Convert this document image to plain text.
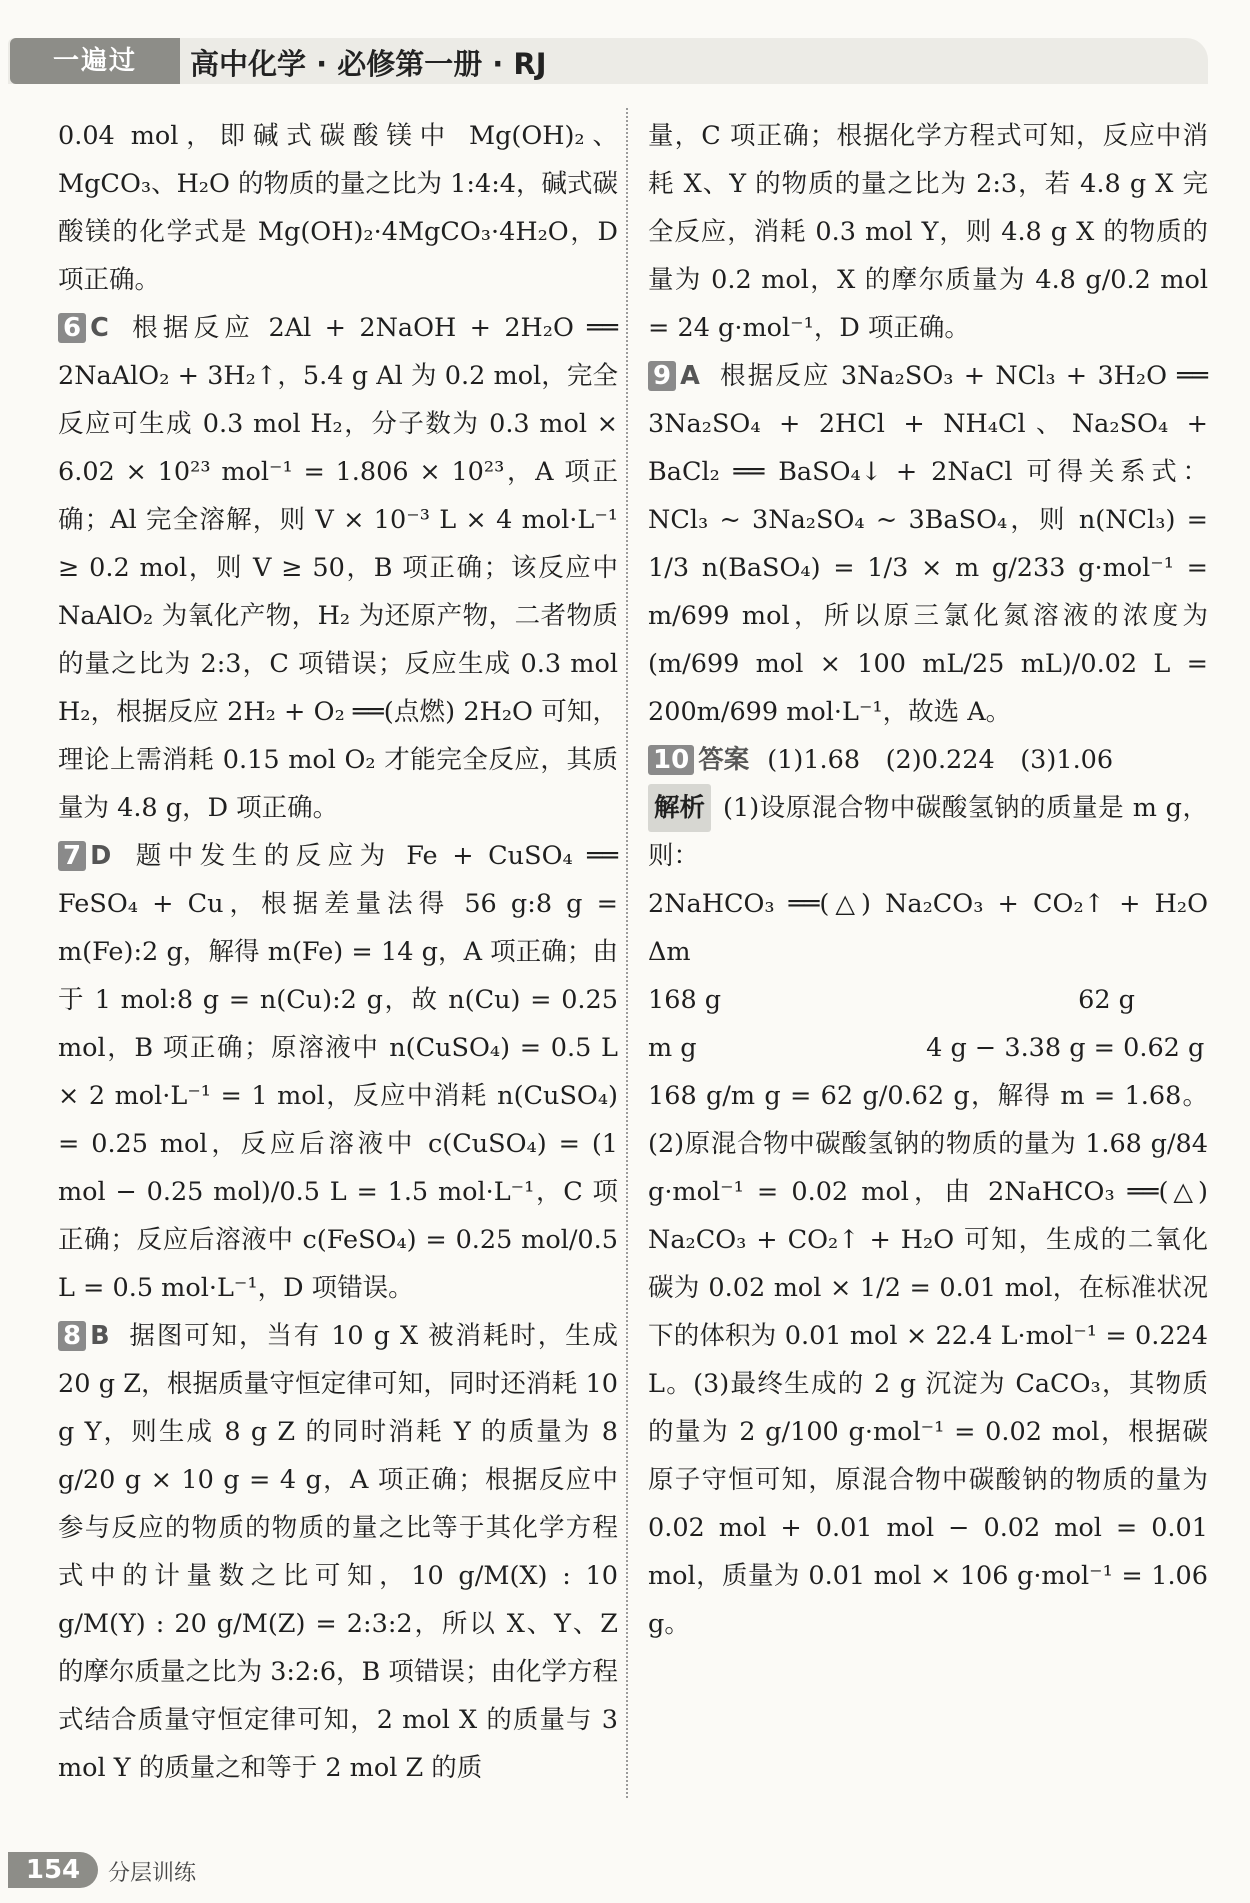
一遍过	高中化学 · 必修第一册 · RJ

0.04 mol，即碱式碳酸镁中 Mg(OH)₂、MgCO₃、H₂O 的物质的量之比为 1:4:4，碱式碳酸镁的化学式是 Mg(OH)₂·4MgCO₃·4H₂O，D 项正确。

6 C 根据反应 2Al + 2NaOH + 2H₂O ══ 2NaAlO₂ + 3H₂↑，5.4 g Al 为 0.2 mol，完全反应可生成 0.3 mol H₂，分子数为 0.3 mol × 6.02 × 10²³ mol⁻¹ = 1.806 × 10²³，A 项正确；Al 完全溶解，则 V × 10⁻³ L × 4 mol·L⁻¹ ≥ 0.2 mol，则 V ≥ 50，B 项正确；该反应中 NaAlO₂ 为氧化产物，H₂ 为还原产物，二者物质的量之比为 2:3，C 项错误；反应生成 0.3 mol H₂，根据反应 2H₂ + O₂ ══(点燃) 2H₂O 可知，理论上需消耗 0.15 mol O₂ 才能完全反应，其质量为 4.8 g，D 项正确。

7 D 题中发生的反应为 Fe + CuSO₄ ══ FeSO₄ + Cu，根据差量法得 56 g:8 g = m(Fe):2 g，解得 m(Fe) = 14 g，A 项正确；由于 1 mol:8 g = n(Cu):2 g，故 n(Cu) = 0.25 mol，B 项正确；原溶液中 n(CuSO₄) = 0.5 L × 2 mol·L⁻¹ = 1 mol，反应中消耗 n(CuSO₄) = 0.25 mol，反应后溶液中 c(CuSO₄) = (1 mol − 0.25 mol)/0.5 L = 1.5 mol·L⁻¹，C 项正确；反应后溶液中 c(FeSO₄) = 0.25 mol/0.5 L = 0.5 mol·L⁻¹，D 项错误。

8 B 据图可知，当有 10 g X 被消耗时，生成 20 g Z，根据质量守恒定律可知，同时还消耗 10 g Y，则生成 8 g Z 的同时消耗 Y 的质量为 8 g/20 g × 10 g = 4 g，A 项正确；根据反应中参与反应的物质的物质的量之比等于其化学方程式中的计量数之比可知，10 g/M(X) : 10 g/M(Y) : 20 g/M(Z) = 2:3:2，所以 X、Y、Z 的摩尔质量之比为 3:2:6，B 项错误；由化学方程式结合质量守恒定律可知，2 mol X 的质量与 3 mol Y 的质量之和等于 2 mol Z 的质

量，C 项正确；根据化学方程式可知，反应中消耗 X、Y 的物质的量之比为 2:3，若 4.8 g X 完全反应，消耗 0.3 mol Y，则 4.8 g X 的物质的量为 0.2 mol，X 的摩尔质量为 4.8 g/0.2 mol = 24 g·mol⁻¹，D 项正确。

9 A 根据反应 3Na₂SO₃ + NCl₃ + 3H₂O ══ 3Na₂SO₄ + 2HCl + NH₄Cl、Na₂SO₄ + BaCl₂ ══ BaSO₄↓ + 2NaCl 可得关系式：NCl₃ ~ 3Na₂SO₄ ~ 3BaSO₄，则 n(NCl₃) = 1/3 n(BaSO₄) = 1/3 × m g/233 g·mol⁻¹ = m/699 mol，所以原三氯化氮溶液的浓度为 (m/699 mol × 100 mL/25 mL)/0.02 L = 200m/699 mol·L⁻¹，故选 A。

10 答案 (1)1.68　(2)0.224　(3)1.06

解析 (1)设原混合物中碳酸氢钠的质量是 m g，则：

2NaHCO₃ ══(△) Na₂CO₃ + CO₂↑ + H₂O　Δm

168 g　　　　　　　　　　　　　　62 g

m g　　　　　　　　　4 g − 3.38 g = 0.62 g

168 g/m g = 62 g/0.62 g，解得 m = 1.68。(2)原混合物中碳酸氢钠的物质的量为 1.68 g/84 g·mol⁻¹ = 0.02 mol，由 2NaHCO₃ ══(△) Na₂CO₃ + CO₂↑ + H₂O 可知，生成的二氧化碳为 0.02 mol × 1/2 = 0.01 mol，在标准状况下的体积为 0.01 mol × 22.4 L·mol⁻¹ = 0.224 L。(3)最终生成的 2 g 沉淀为 CaCO₃，其物质的量为 2 g/100 g·mol⁻¹ = 0.02 mol，根据碳原子守恒可知，原混合物中碳酸钠的物质的量为 0.02 mol + 0.01 mol − 0.02 mol = 0.01 mol，质量为 0.01 mol × 106 g·mol⁻¹ = 1.06 g。

154	分层训练
